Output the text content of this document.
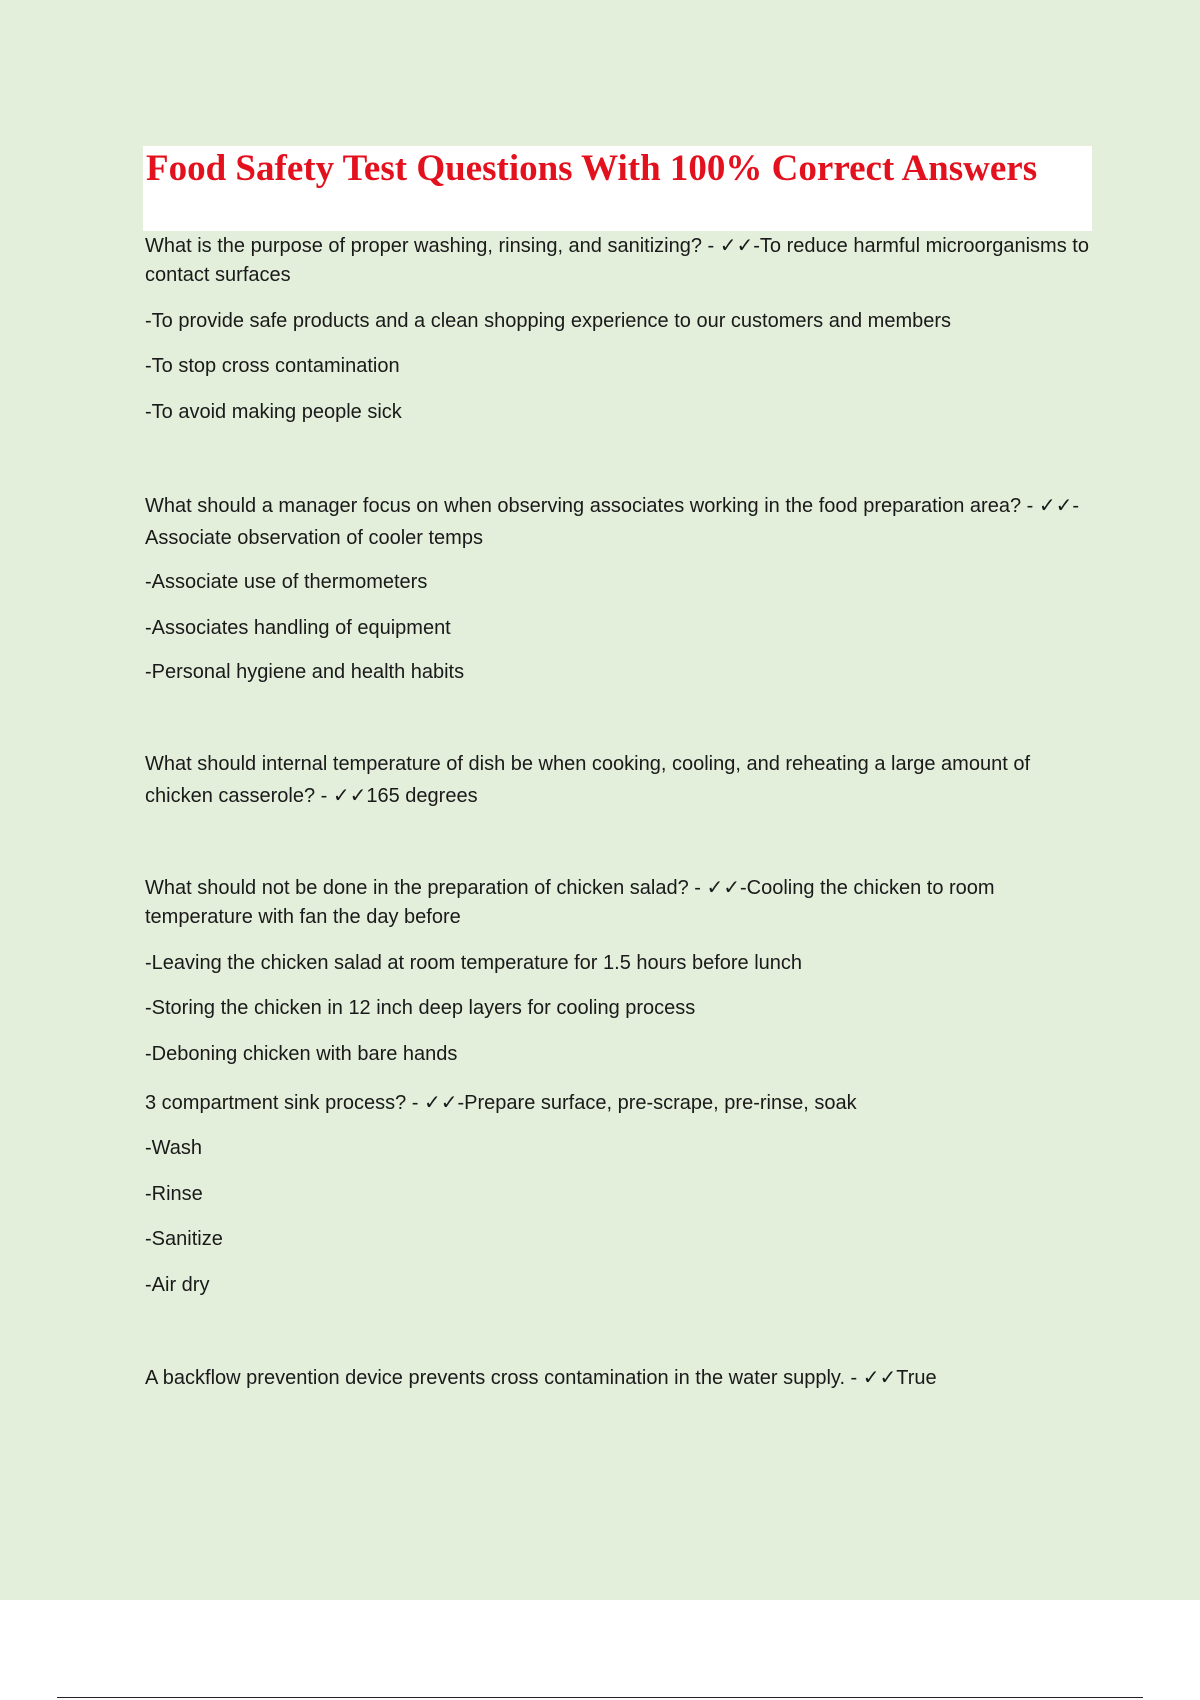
Food Safety Test Questions With 100% Correct Answers

What is the purpose of proper washing, rinsing, and sanitizing? - ✓✓-To reduce harmful microorganisms to contact surfaces

-To provide safe products and a clean shopping experience to our customers and members

-To stop cross contamination

-To avoid making people sick

What should a manager focus on when observing associates working in the food preparation area? - ✓✓-Associate observation of cooler temps

-Associate use of thermometers

-Associates handling of equipment

-Personal hygiene and health habits

What should internal temperature of dish be when cooking, cooling, and reheating a large amount of chicken casserole? - ✓✓165 degrees

What should not be done in the preparation of chicken salad? - ✓✓-Cooling the chicken to room temperature with fan the day before

-Leaving the chicken salad at room temperature for 1.5 hours before lunch

-Storing the chicken in 12 inch deep layers for cooling process

-Deboning chicken with bare hands

3 compartment sink process? - ✓✓-Prepare surface, pre-scrape, pre-rinse, soak

-Wash

-Rinse

-Sanitize

-Air dry

A backflow prevention device prevents cross contamination in the water supply. - ✓✓True
